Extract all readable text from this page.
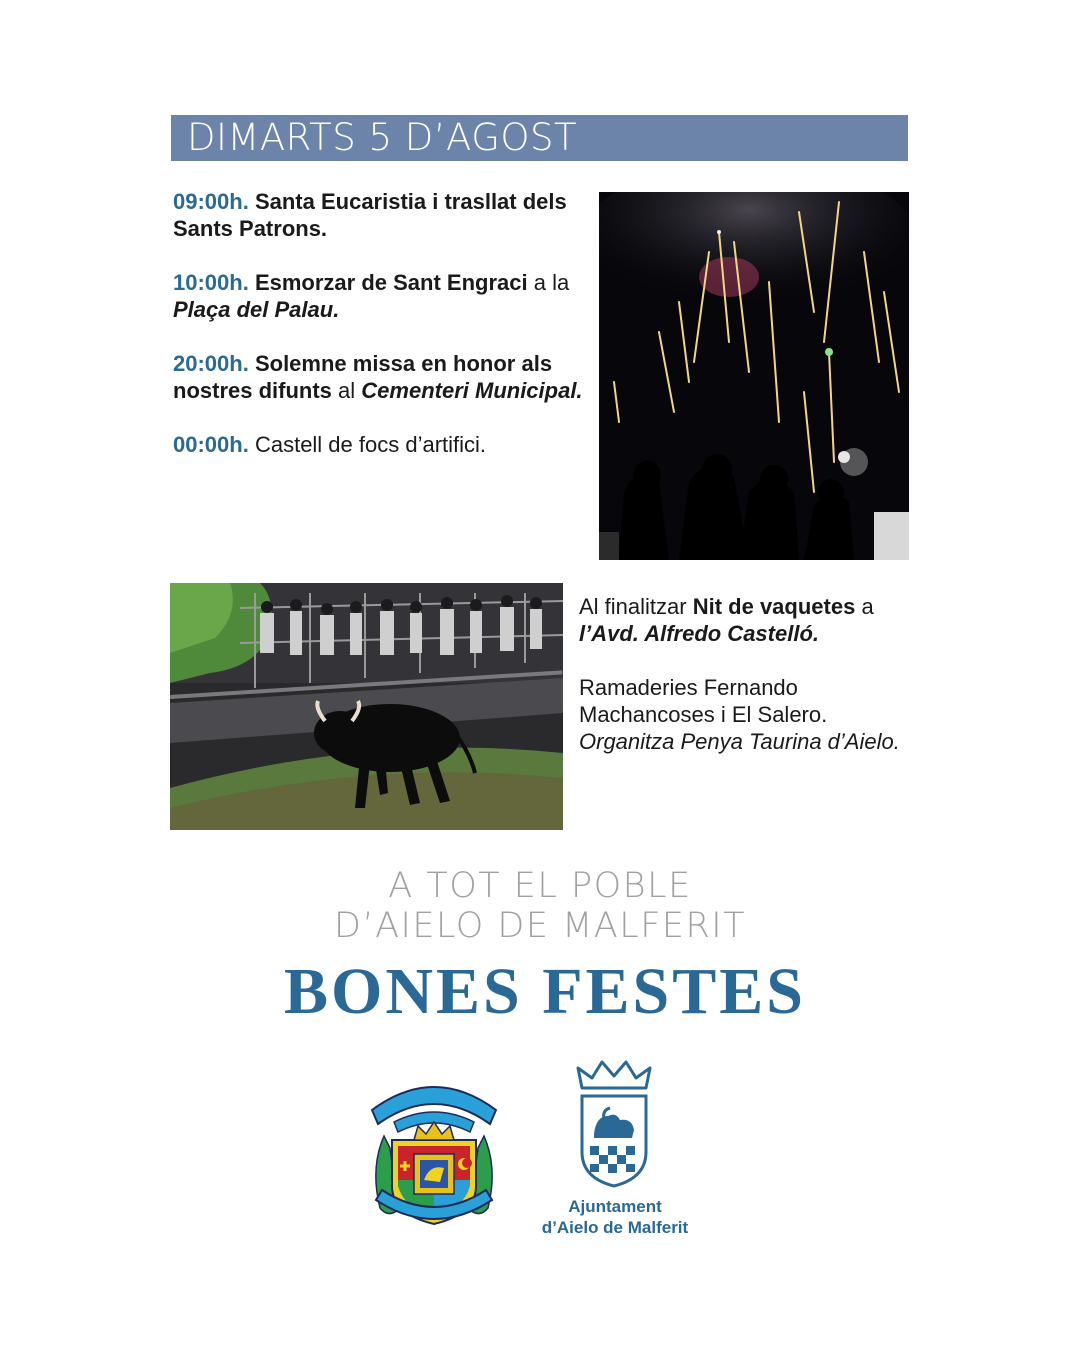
DIMARTS 5 D’AGOST
09:00h. Santa Eucaristia i trasllat dels Sants Patrons.
10:00h. Esmorzar de Sant Engraci a la Plaça del Palau.
20:00h. Solemne missa en honor als nostres difunts al Cementeri Municipal.
00:00h. Castell de focs d’artifici.

Al finalitzar Nit de vaquetes a l’Avd. Alfredo Castelló.

Ramaderies Fernando Machancoses i El Salero. Organitza Penya Taurina d’Aielo.

A TOT EL POBLE
D’AIELO DE MALFERIT
BONES FESTES
Ajuntament
d’Aielo de Malferit
